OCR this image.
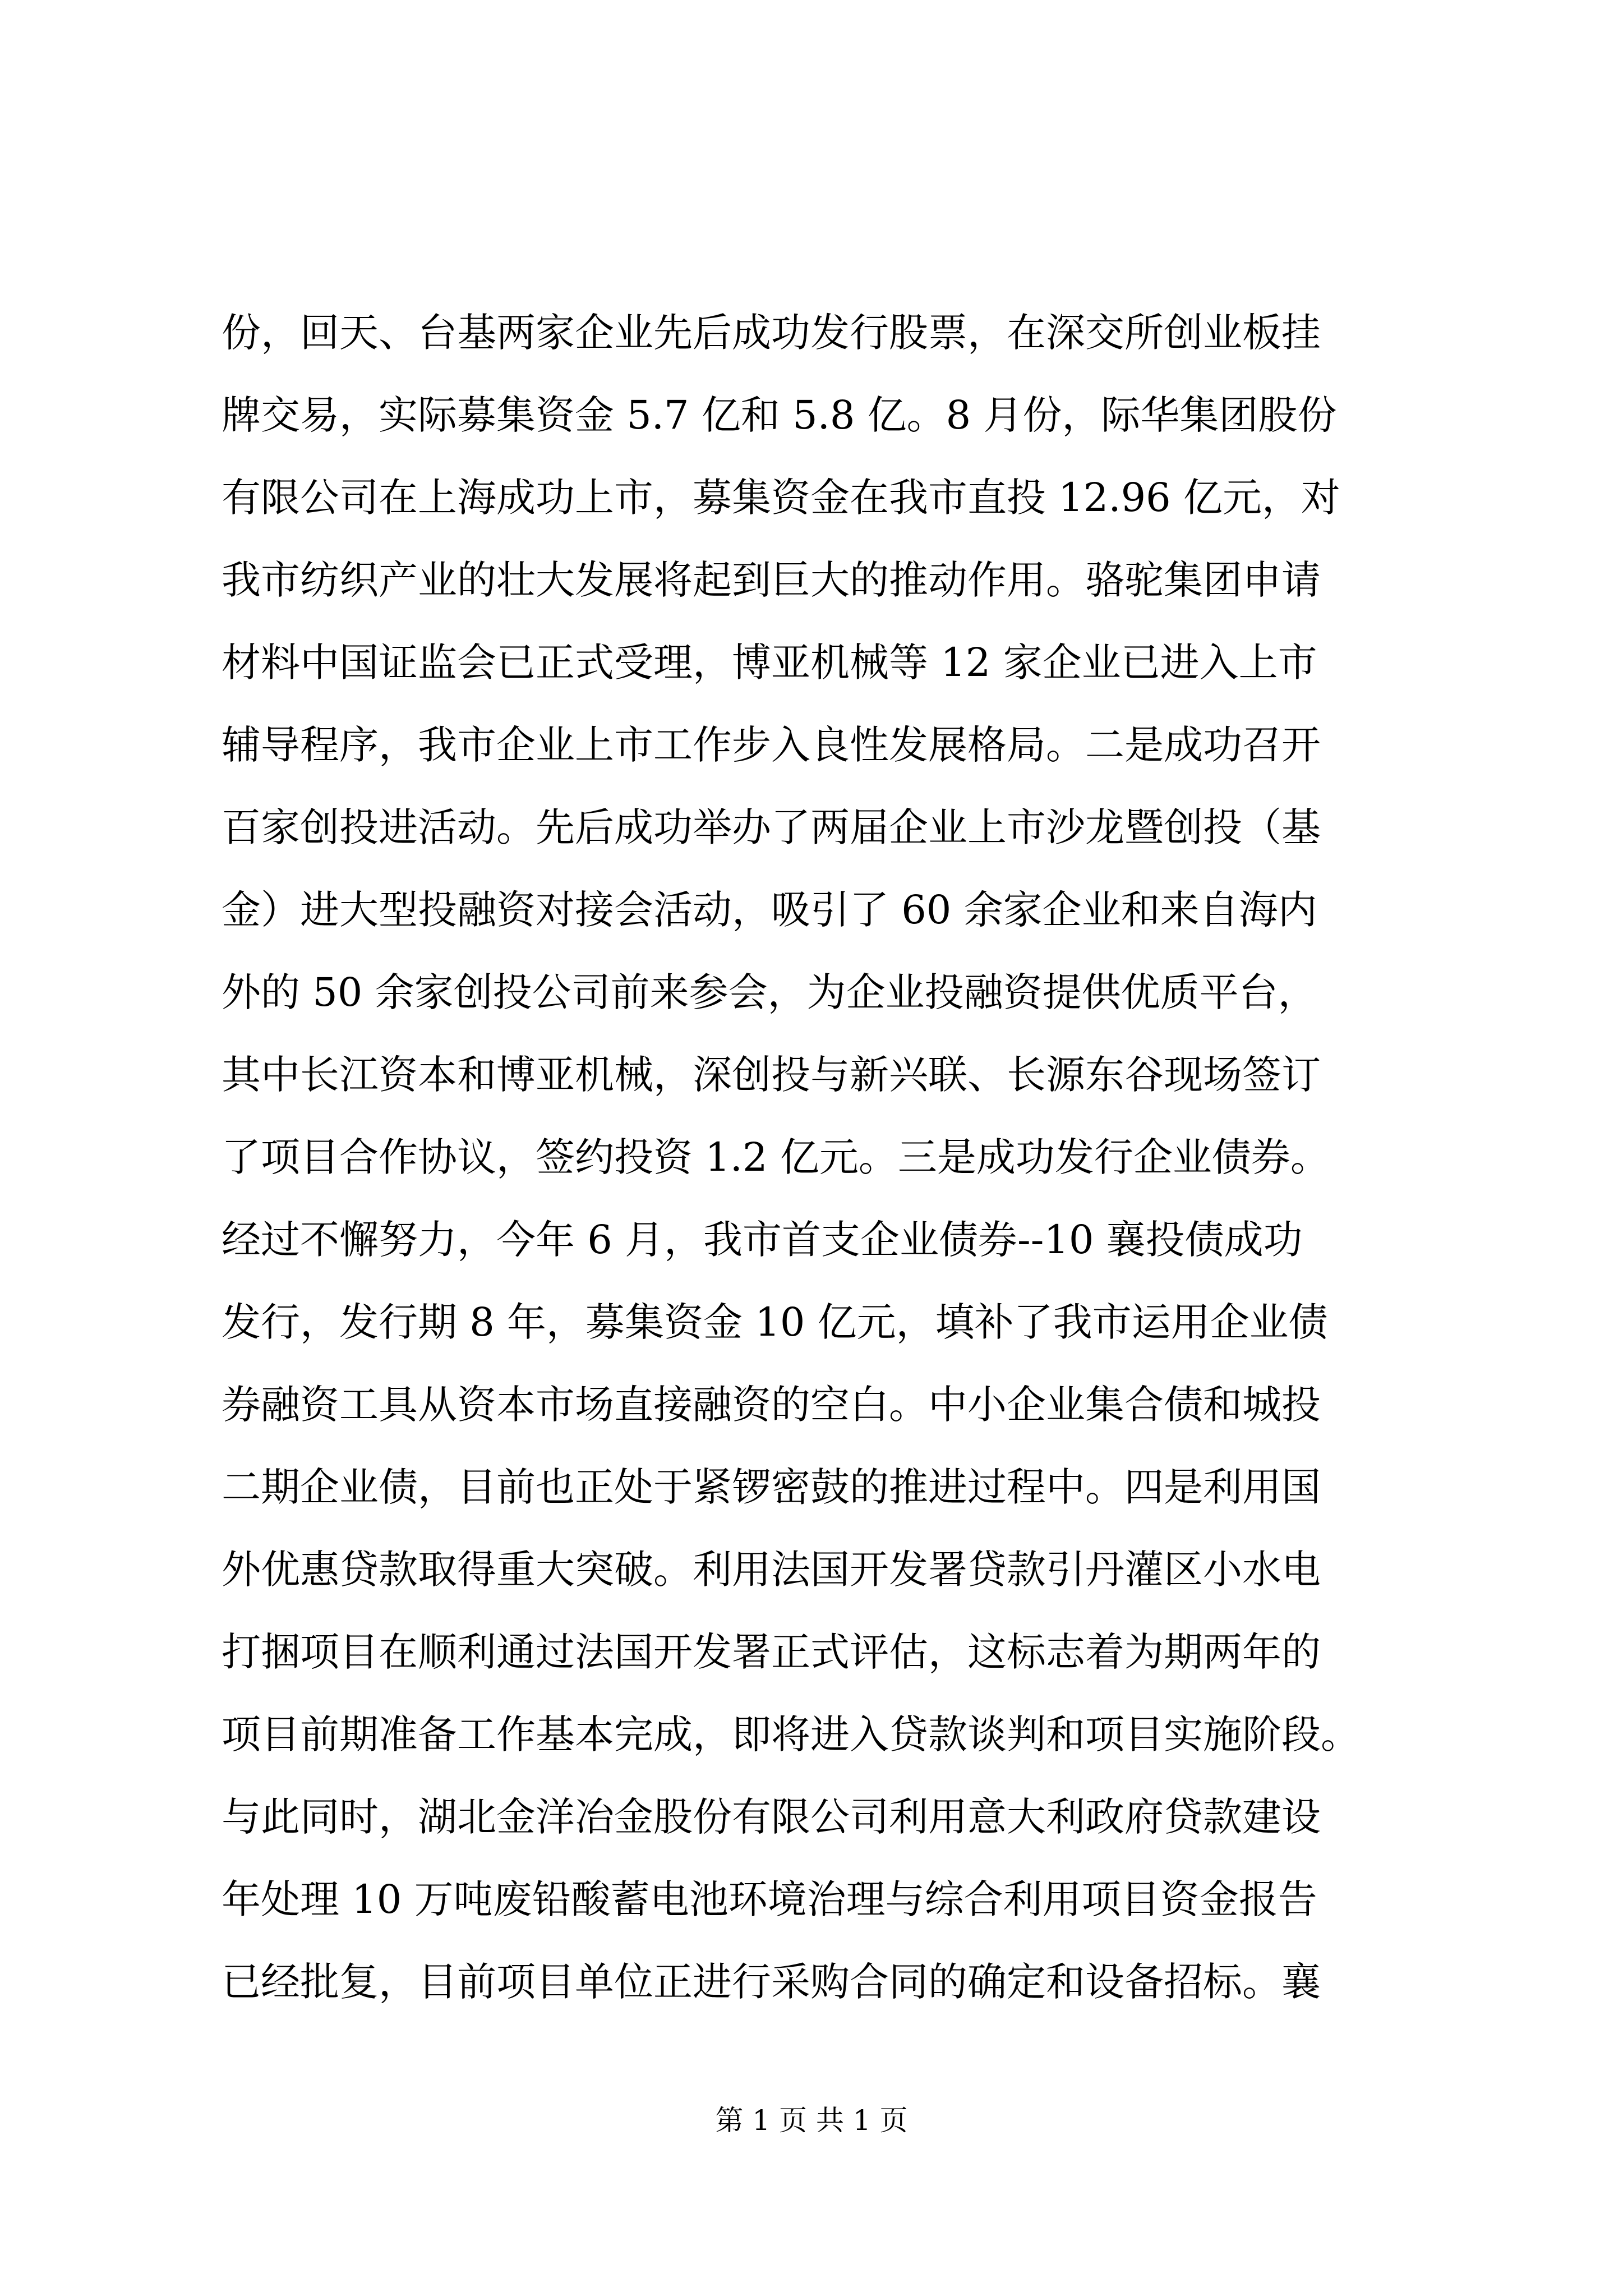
份，回天、台基两家企业先后成功发行股票，在深交所创业板挂
牌交易，实际募集资金 5.7 亿和 5.8 亿。8 月份，际华集团股份
有限公司在上海成功上市，募集资金在我市直投 12.96 亿元，对
我市纺织产业的壮大发展将起到巨大的推动作用。骆驼集团申请
材料中国证监会已正式受理，博亚机械等 12 家企业已进入上市
辅导程序，我市企业上市工作步入良性发展格局。二是成功召开
百家创投进活动。先后成功举办了两届企业上市沙龙暨创投（基
金）进大型投融资对接会活动，吸引了 60 余家企业和来自海内
外的 50 余家创投公司前来参会，为企业投融资提供优质平台，
其中长江资本和博亚机械，深创投与新兴联、长源东谷现场签订
了项目合作协议，签约投资 1.2 亿元。三是成功发行企业债券。
经过不懈努力，今年 6 月，我市首支企业债券--10 襄投债成功
发行，发行期 8 年，募集资金 10 亿元，填补了我市运用企业债
券融资工具从资本市场直接融资的空白。中小企业集合债和城投
二期企业债，目前也正处于紧锣密鼓的推进过程中。四是利用国
外优惠贷款取得重大突破。利用法国开发署贷款引丹灌区小水电
打捆项目在顺利通过法国开发署正式评估，这标志着为期两年的
项目前期准备工作基本完成，即将进入贷款谈判和项目实施阶段。
与此同时，湖北金洋冶金股份有限公司利用意大利政府贷款建设
年处理 10 万吨废铅酸蓄电池环境治理与综合利用项目资金报告
已经批复，目前项目单位正进行采购合同的确定和设备招标。襄
第 1 页 共 1 页
